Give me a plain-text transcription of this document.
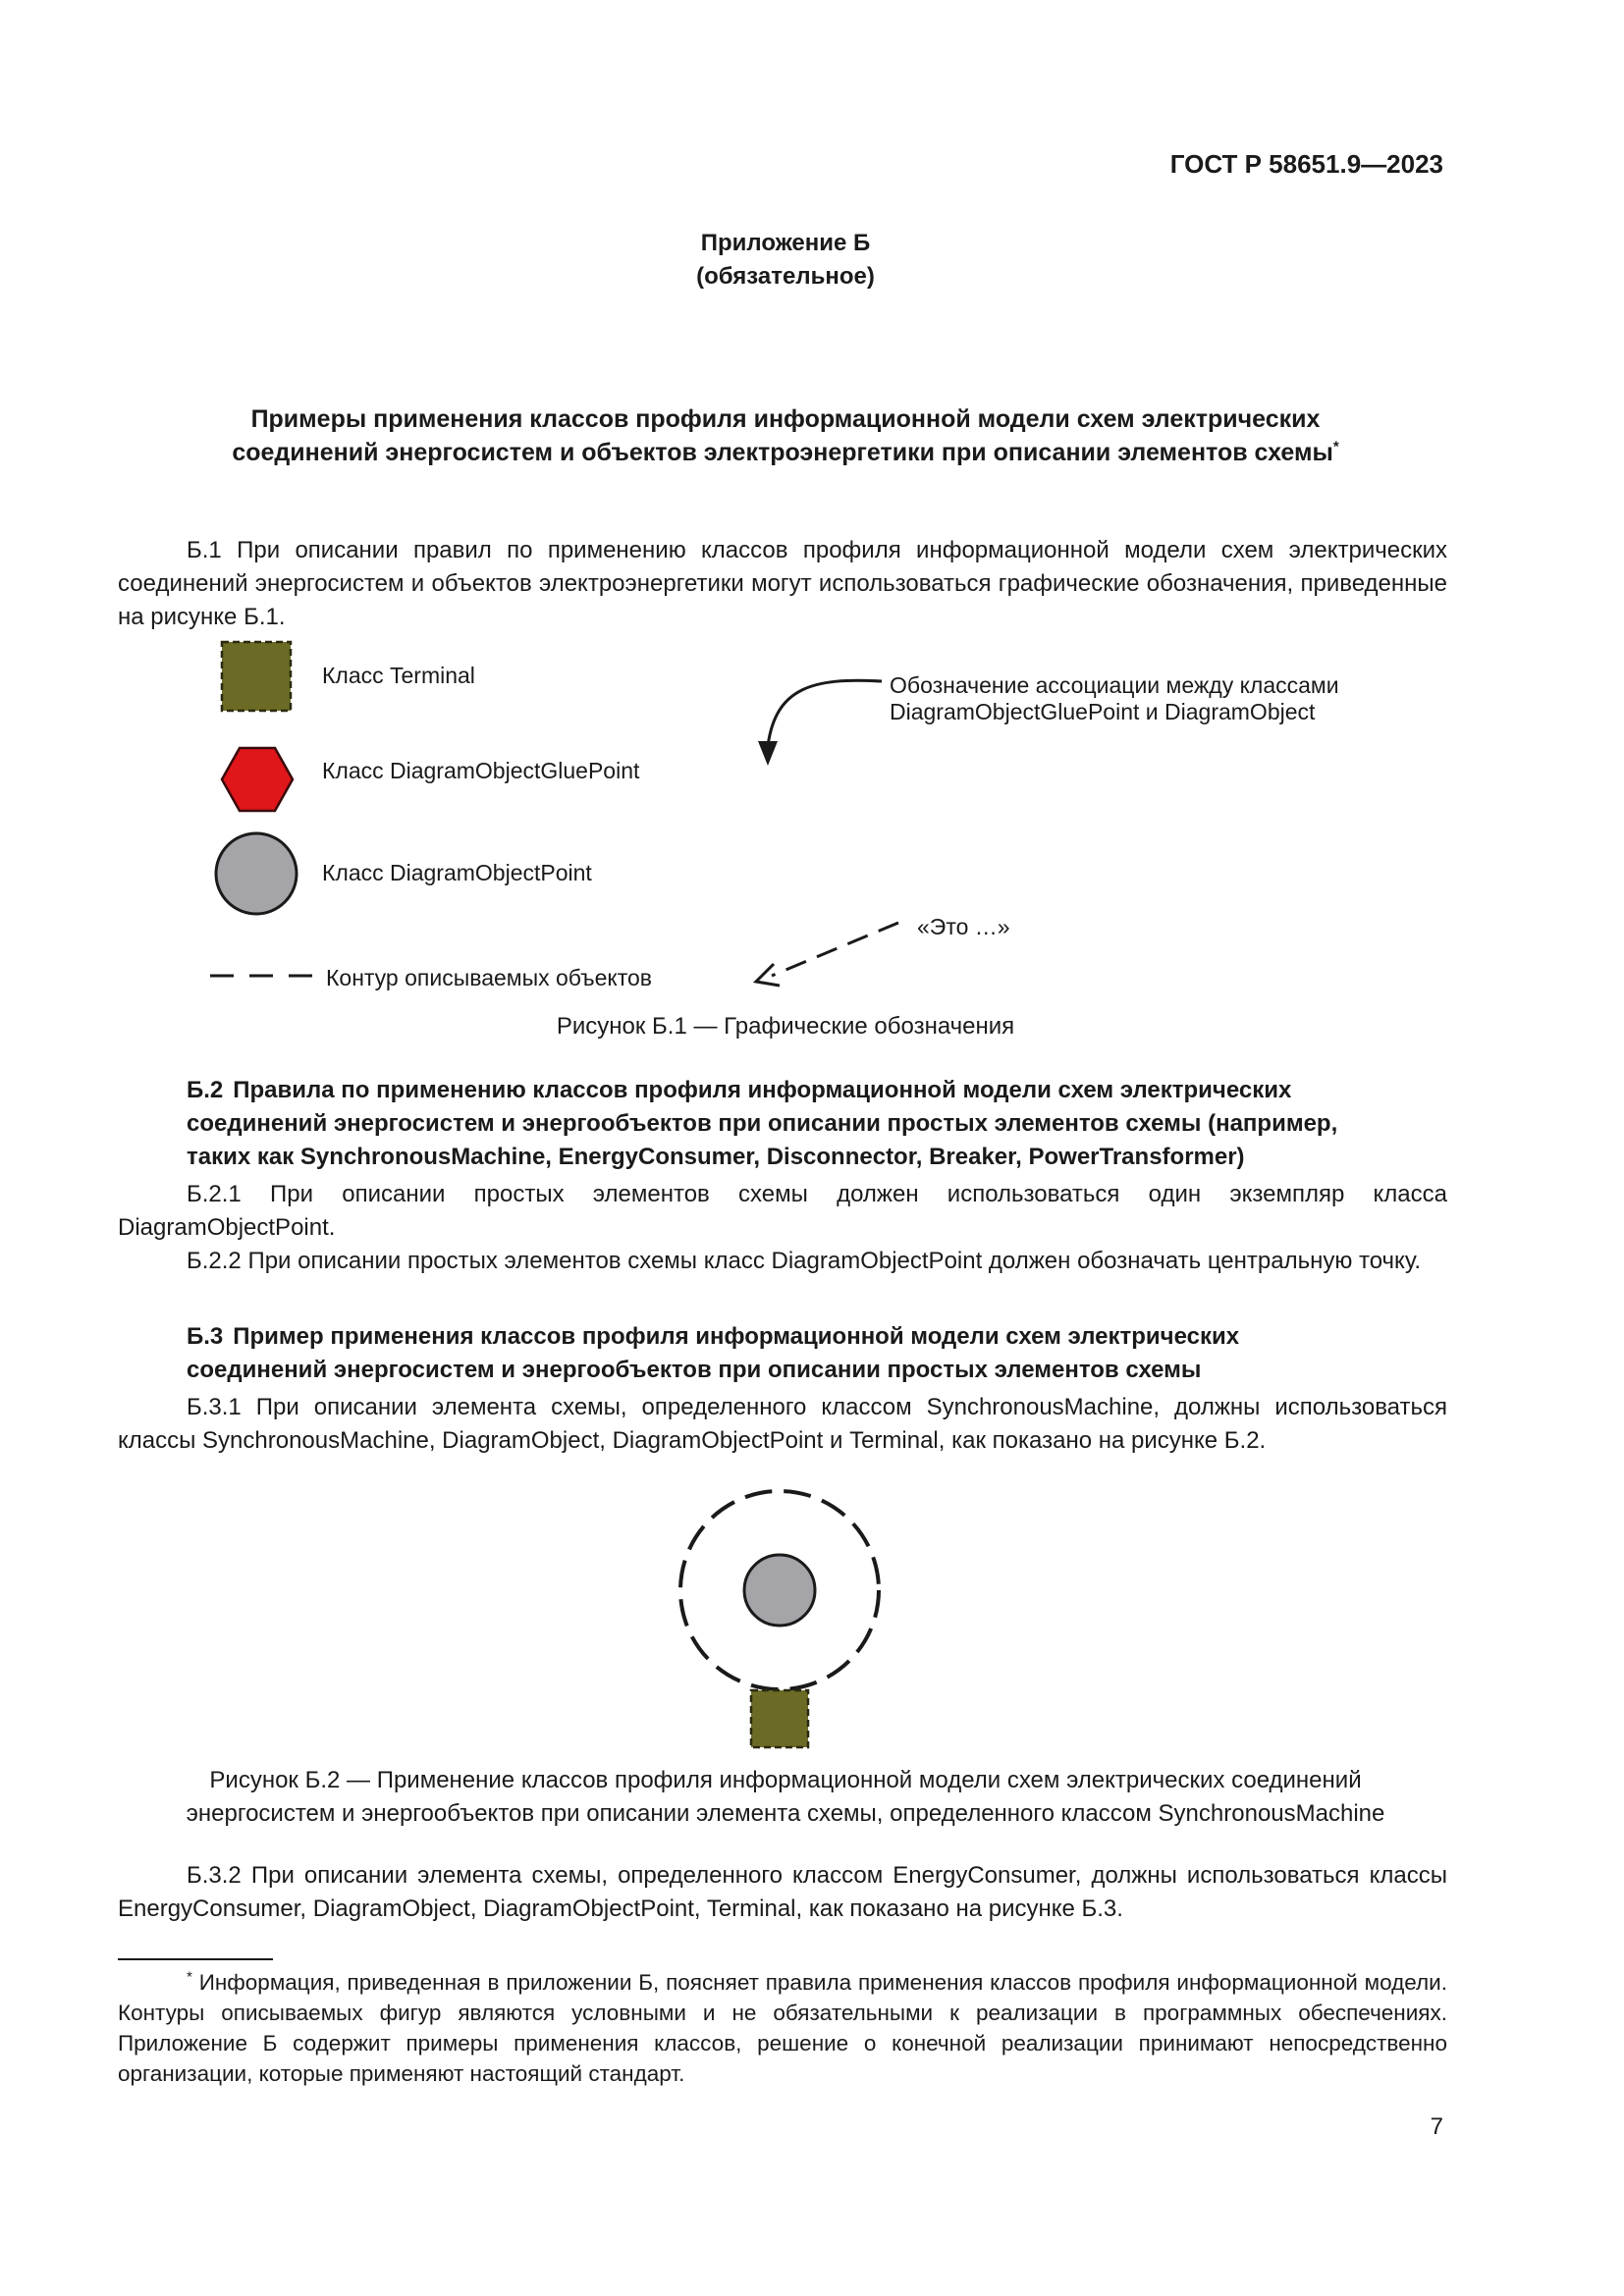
ГОСТ Р 58651.9—2023
Приложение Б
(обязательное)
Примеры применения классов профиля информационной модели схем электрических
соединений энергосистем и объектов электроэнергетики при описании элементов схемы*
Б.1 При описании правил по применению классов профиля информационной модели схем электрических соединений энергосистем и объектов электроэнергетики могут использоваться графические обозначения, приведенные на рисунке Б.1.
Класс Terminal
Класс DiagramObjectGluePoint
Класс DiagramObjectPoint
Обозначение ассоциации между классами
DiagramObjectGluePoint и DiagramObject
«Это …»
Контур описываемых объектов
Рисунок Б.1 — Графические обозначения
Б.2 Правила по применению классов профиля информационной модели схем электрических
соединений энергосистем и энергообъектов при описании простых элементов схемы (например,
таких как SynchronousMachine, EnergyConsumer, Disconnector, Breaker, PowerTransformer)
Б.2.1 При описании простых элементов схемы должен использоваться один экземпляр класса DiagramObjectPoint.
Б.2.2 При описании простых элементов схемы класс DiagramObjectPoint должен обозначать центральную точку.
Б.3 Пример применения классов профиля информационной модели схем электрических
соединений энергосистем и энергообъектов при описании простых элементов схемы
Б.3.1 При описании элемента схемы, определенного классом SynchronousMachine, должны использоваться классы SynchronousMachine, DiagramObject, DiagramObjectPoint и Terminal, как показано на рисунке Б.2.
Рисунок Б.2 — Применение классов профиля информационной модели схем электрических соединений
энергосистем и энергообъектов при описании элемента схемы, определенного классом SynchronousMachine
Б.3.2 При описании элемента схемы, определенного классом EnergyConsumer, должны использоваться классы EnergyConsumer, DiagramObject, DiagramObjectPoint, Terminal, как показано на рисунке Б.3.
* Информация, приведенная в приложении Б, поясняет правила применения классов профиля информационной модели. Контуры описываемых фигур являются условными и не обязательными к реализации в программных обеспечениях. Приложение Б содержит примеры применения классов, решение о конечной реализации принимают непосредственно организации, которые применяют настоящий стандарт.
7
